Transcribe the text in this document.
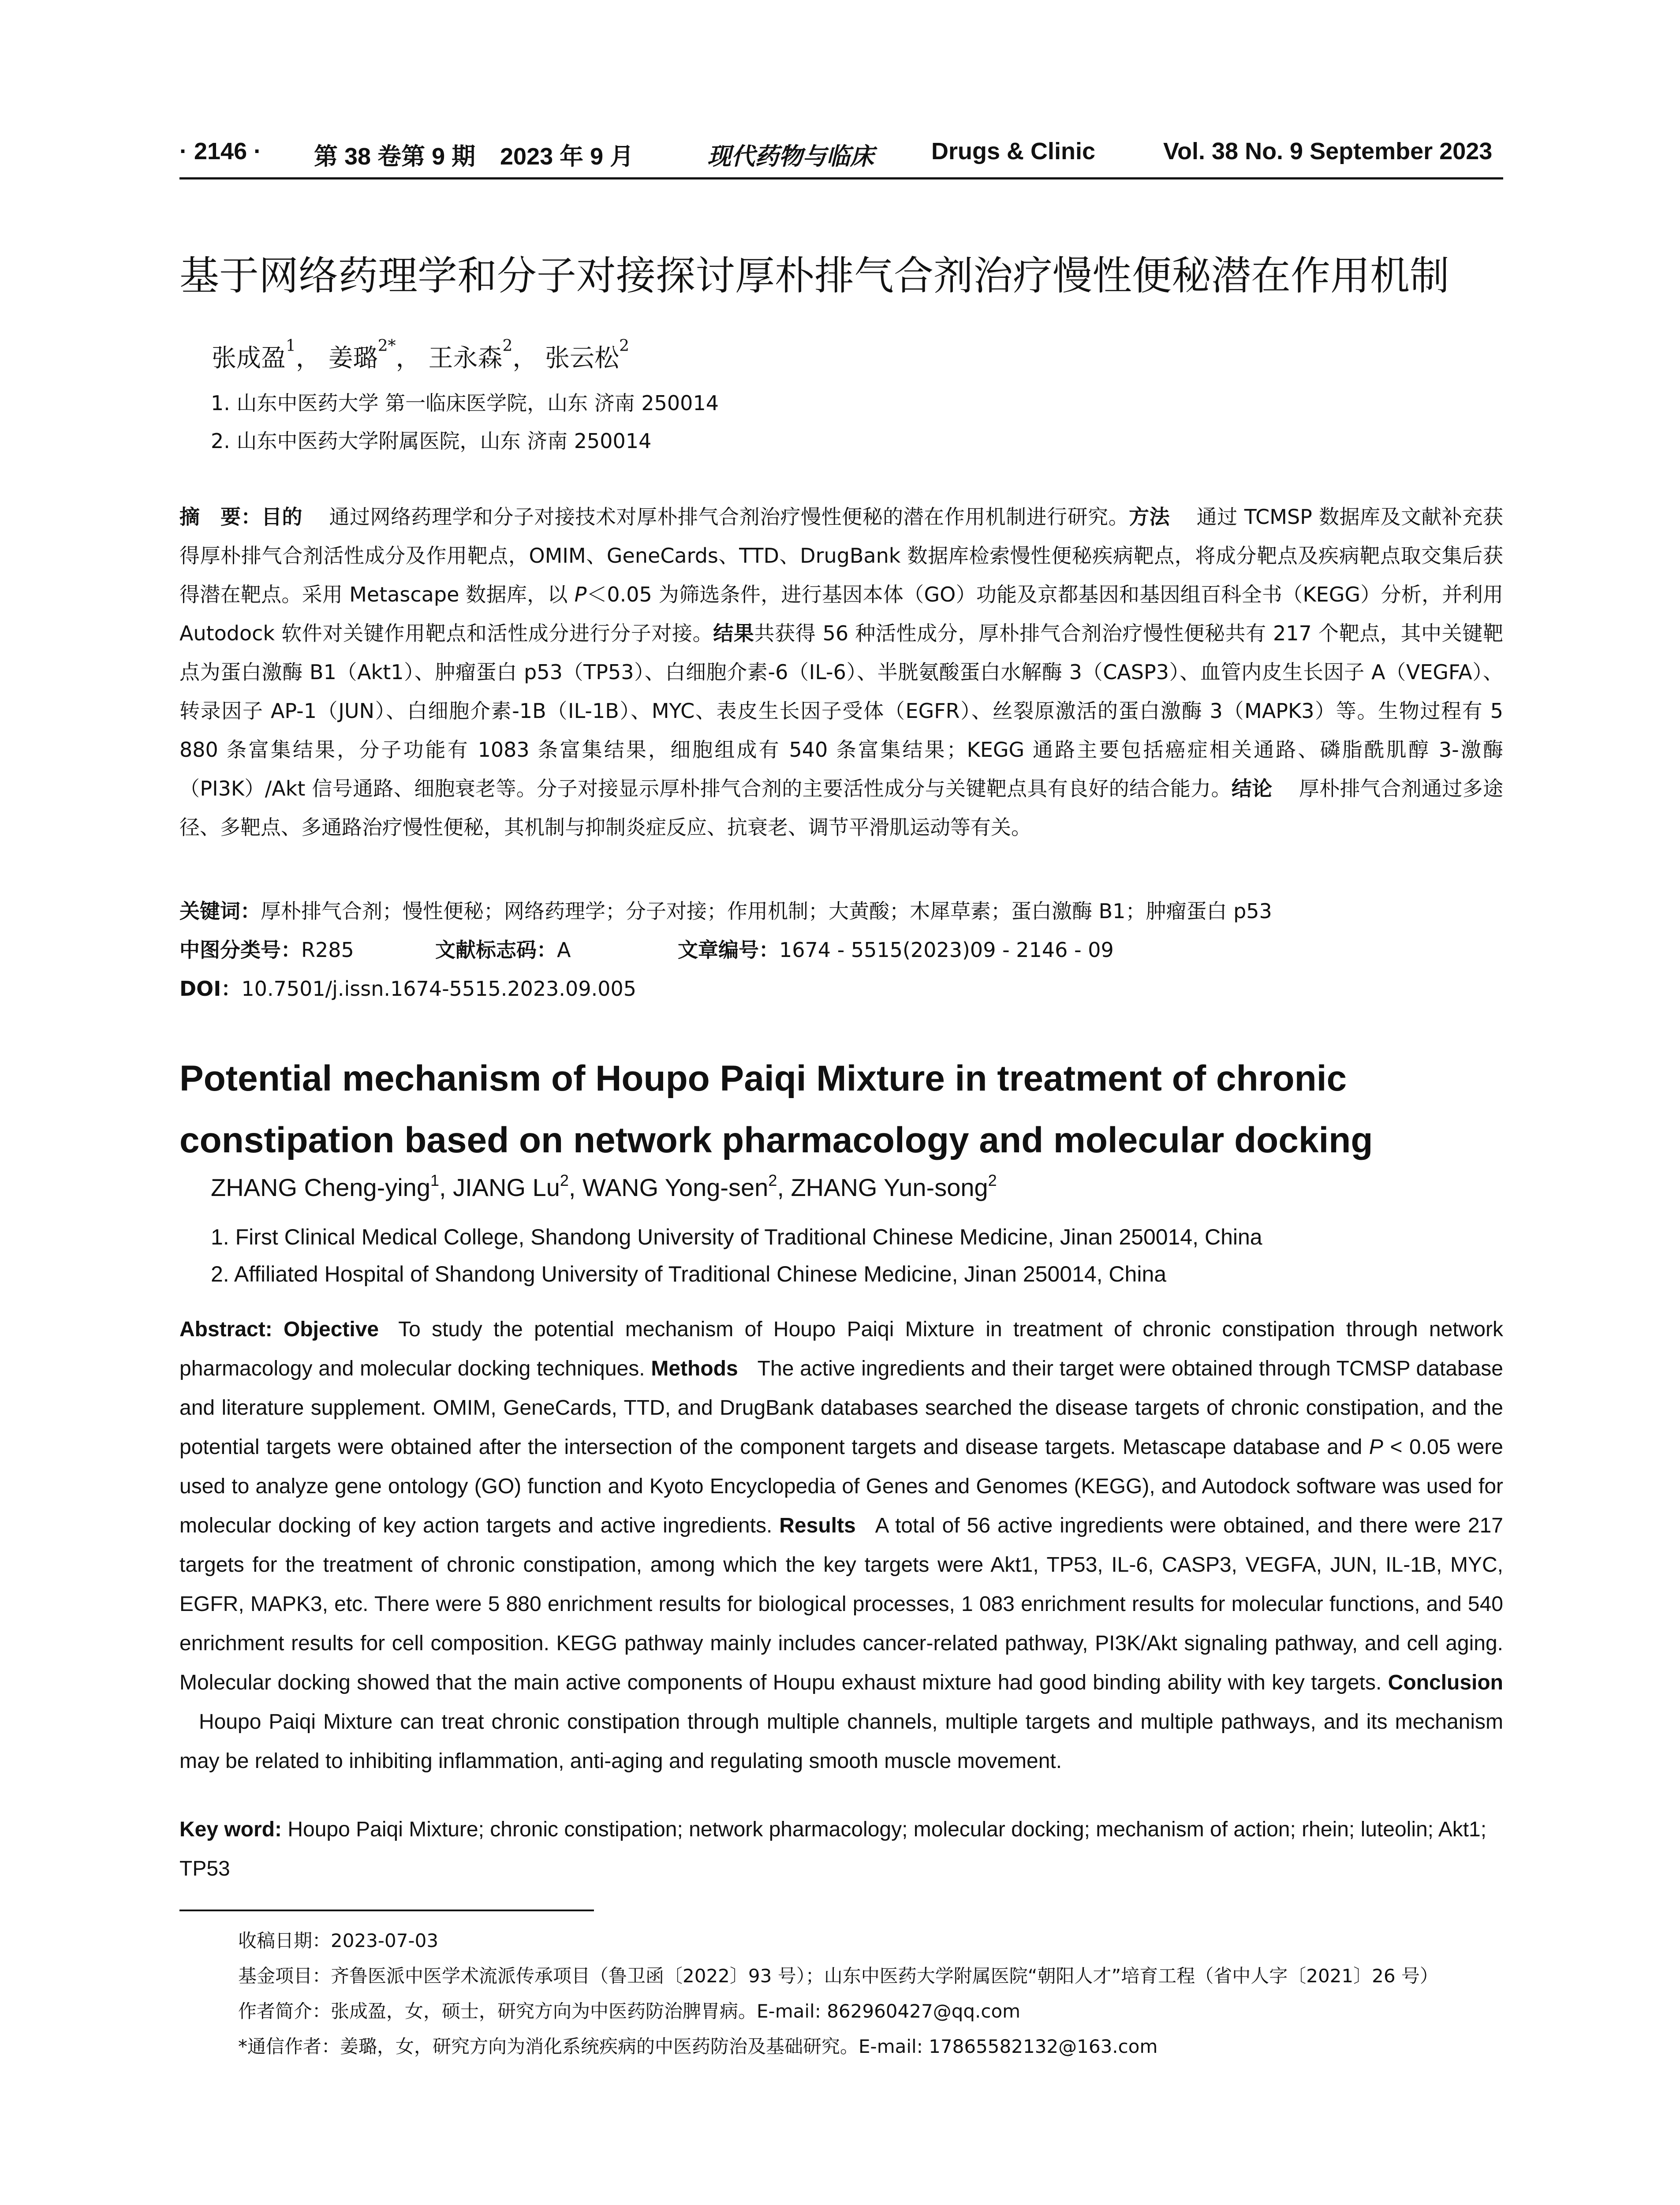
· 2146 · 第 38 卷第 9 期 2023 年 9 月	现代药物与临床 Drugs & Clinic	Vol. 38 No. 9 September 2023
基于网络药理学和分子对接探讨厚朴排气合剂治疗慢性便秘潜在作用机制
张成盈$^1$， 姜璐$^{2*}$， 王永森$^2$， 张云松$^2$
1. 山东中医药大学 第一临床医学院，山东 济南 250014
2. 山东中医药大学附属医院，山东 济南 250014
摘　要：目的 通过网络药理学和分子对接技术对厚朴排气合剂治疗慢性便秘的潜在作用机制进行研究。方法 通过 TCMSP 数据库及文献补充获得厚朴排气合剂活性成分及作用靶点，OMIM、GeneCards、TTD、DrugBank 数据库检索慢性便秘疾病靶点，将成分靶点及疾病靶点取交集后获得潜在靶点。采用 Metascape 数据库，以 P＜0.05 为筛选条件，进行基因本体（GO）功能及京都基因和基因组百科全书（KEGG）分析，并利用 Autodock 软件对关键作用靶点和活性成分进行分子对接。结果共获得 56 种活性成分，厚朴排气合剂治疗慢性便秘共有 217 个靶点，其中关键靶点为蛋白激酶 B1（Akt1）、肿瘤蛋白 p53（TP53）、白细胞介素-6（IL-6）、半胱氨酸蛋白水解酶 3（CASP3）、血管内皮生长因子 A（VEGFA）、转录因子 AP-1（JUN）、白细胞介素-1B（IL-1B）、MYC、表皮生长因子受体（EGFR）、丝裂原激活的蛋白激酶 3（MAPK3）等。生物过程有 5 880 条富集结果，分子功能有 1083 条富集结果，细胞组成有 540 条富集结果；KEGG 通路主要包括癌症相关通路、磷脂酰肌醇 3-激酶（PI3K）/Akt 信号通路、细胞衰老等。分子对接显示厚朴排气合剂的主要活性成分与关键靶点具有良好的结合能力。结论 厚朴排气合剂通过多途径、多靶点、多通路治疗慢性便秘，其机制与抑制炎症反应、抗衰老、调节平滑肌运动等有关。
关键词：厚朴排气合剂；慢性便秘；网络药理学；分子对接；作用机制；大黄酸；木犀草素；蛋白激酶 B1；肿瘤蛋白 p53
中图分类号：R285	文献标志码：A	文章编号：1674 - 5515(2023)09 - 2146 - 09
DOI：10.7501/j.issn.1674-5515.2023.09.005
Potential mechanism of Houpo Paiqi Mixture in treatment of chronic constipation based on network pharmacology and molecular docking
ZHANG Cheng-ying$^1$, JIANG Lu$^2$, WANG Yong-sen$^2$, ZHANG Yun-song$^2$
1. First Clinical Medical College, Shandong University of Traditional Chinese Medicine, Jinan 250014, China
2. Affiliated Hospital of Shandong University of Traditional Chinese Medicine, Jinan 250014, China
Abstract: Objective To study the potential mechanism of Houpo Paiqi Mixture in treatment of chronic constipation through network pharmacology and molecular docking techniques. Methods The active ingredients and their target were obtained through TCMSP database and literature supplement. OMIM, GeneCards, TTD, and DrugBank databases searched the disease targets of chronic constipation, and the potential targets were obtained after the intersection of the component targets and disease targets. Metascape database and P < 0.05 were used to analyze gene ontology (GO) function and Kyoto Encyclopedia of Genes and Genomes (KEGG), and Autodock software was used for molecular docking of key action targets and active ingredients. Results A total of 56 active ingredients were obtained, and there were 217 targets for the treatment of chronic constipation, among which the key targets were Akt1, TP53, IL-6, CASP3, VEGFA, JUN, IL-1B, MYC, EGFR, MAPK3, etc. There were 5 880 enrichment results for biological processes, 1 083 enrichment results for molecular functions, and 540 enrichment results for cell composition. KEGG pathway mainly includes cancer-related pathway, PI3K/Akt signaling pathway, and cell aging. Molecular docking showed that the main active components of Houpu exhaust mixture had good binding ability with key targets. ConclusionHoupo Paiqi Mixture can treat chronic constipation through multiple channels, multiple targets and multiple pathways, and its mechanism may be related to inhibiting inflammation, anti-aging and regulating smooth muscle movement.
Key word: Houpo Paiqi Mixture; chronic constipation; network pharmacology; molecular docking; mechanism of action; rhein; luteolin; Akt1; TP53
收稿日期：2023-07-03
基金项目：齐鲁医派中医学术流派传承项目（鲁卫函〔2022〕93 号）；山东中医药大学附属医院“朝阳人才”培育工程（省中人字〔2021〕26 号）
作者简介：张成盈，女，硕士，研究方向为中医药防治脾胃病。E-mail: 862960427@qq.com
*通信作者：姜璐，女，研究方向为消化系统疾病的中医药防治及基础研究。E-mail: 17865582132@163.com
